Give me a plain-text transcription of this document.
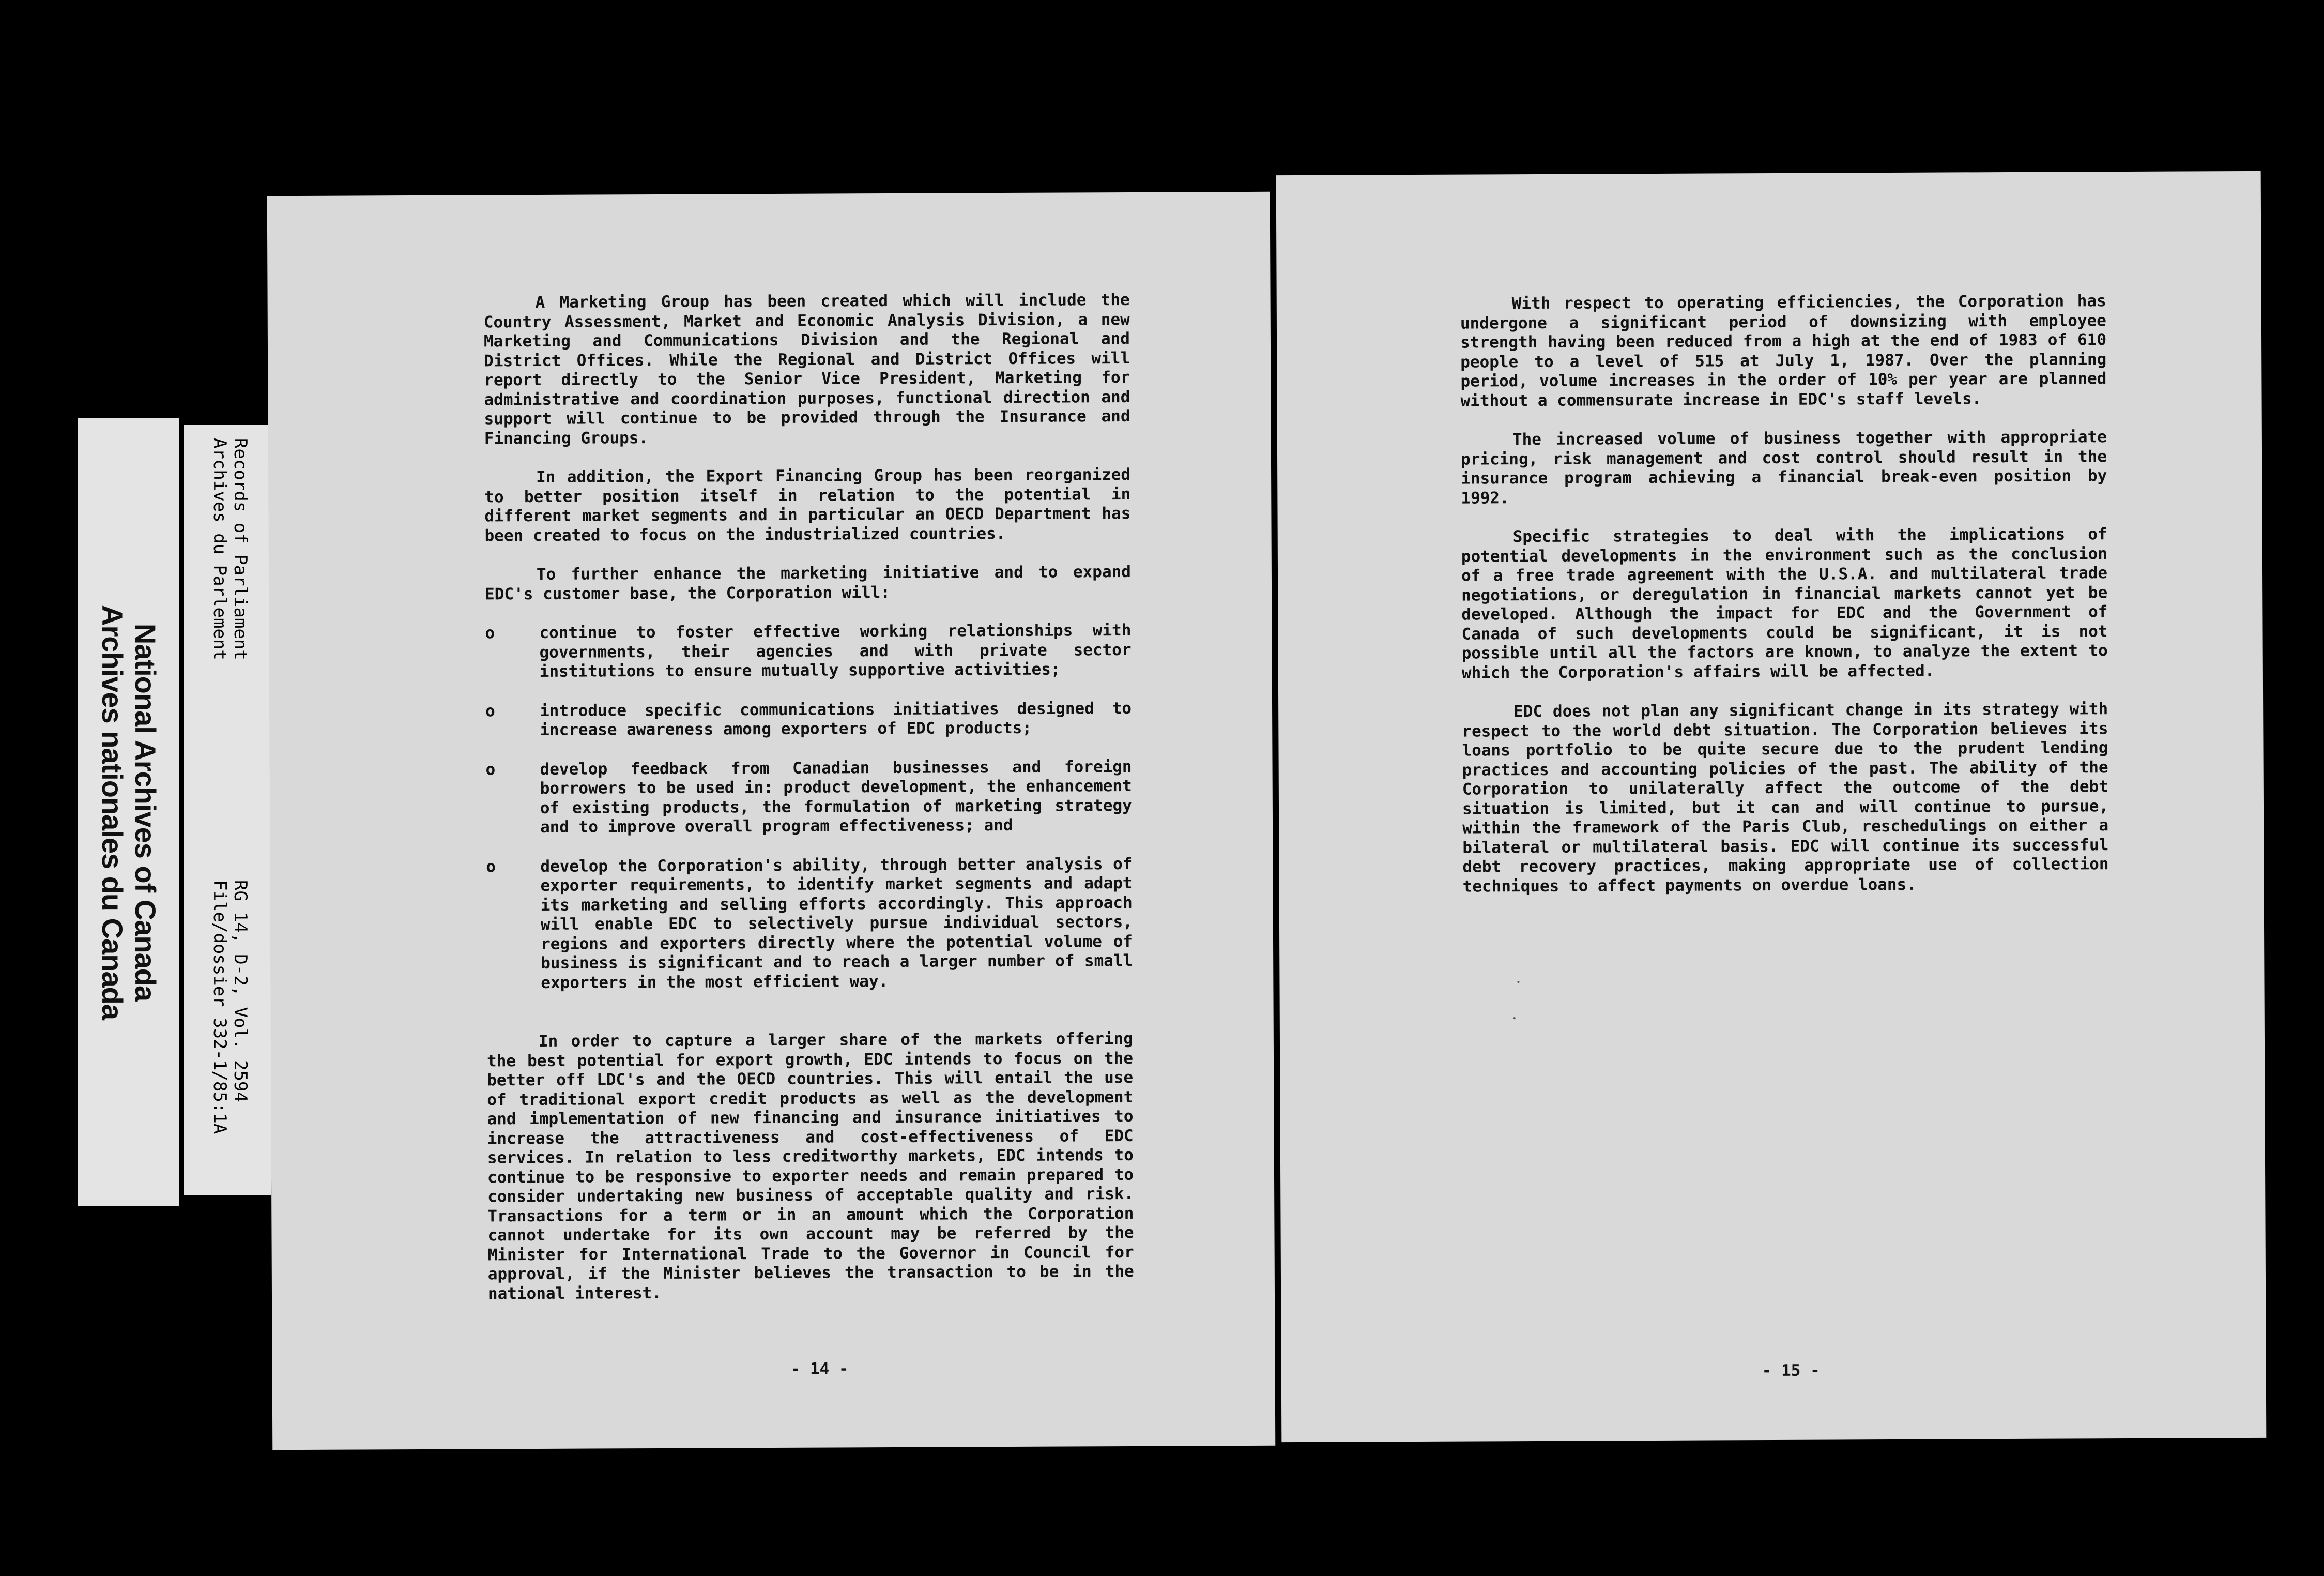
National Archives of Canada
Archives nationales du Canada
Records of Parliament
Archives du Parlement
RG 14, D-2, Vol. 2594
File/dossier 332-1/85:1A

A Marketing Group has been created which will include the Country Assessment, Market and Economic Analysis Division, a new Marketing and Communications Division and the Regional and District Offices. While the Regional and District Offices will report directly to the Senior Vice President, Marketing for administrative and coordination purposes, functional direction and support will continue to be provided through the Insurance and Financing Groups.

In addition, the Export Financing Group has been reorganized to better position itself in relation to the potential in different market segments and in particular an OECD Department has been created to focus on the industrialized countries.

To further enhance the marketing initiative and to expand EDC's customer base, the Corporation will:

o	continue to foster effective working relationships with governments, their agencies and with private sector institutions to ensure mutually supportive activities;
o	introduce specific communications initiatives designed to increase awareness among exporters of EDC products;
o	develop feedback from Canadian businesses and foreign borrowers to be used in: product development, the enhancement of existing products, the formulation of marketing strategy and to improve overall program effectiveness; and
o	develop the Corporation's ability, through better analysis of exporter requirements, to identify market segments and adapt its marketing and selling efforts accordingly. This approach will enable EDC to selectively pursue individual sectors, regions and exporters directly where the potential volume of business is significant and to reach a larger number of small exporters in the most efficient way.

In order to capture a larger share of the markets offering the best potential for export growth, EDC intends to focus on the better off LDC's and the OECD countries. This will entail the use of traditional export credit products as well as the development and implementation of new financing and insurance initiatives to increase the attractiveness and cost-effectiveness of EDC services. In relation to less creditworthy markets, EDC intends to continue to be responsive to exporter needs and remain prepared to consider undertaking new business of acceptable quality and risk. Transactions for a term or in an amount which the Corporation cannot undertake for its own account may be referred by the Minister for International Trade to the Governor in Council for approval, if the Minister believes the transaction to be in the national interest.

- 14 -

With respect to operating efficiencies, the Corporation has undergone a significant period of downsizing with employee strength having been reduced from a high at the end of 1983 of 610 people to a level of 515 at July 1, 1987. Over the planning period, volume increases in the order of 10% per year are planned without a commensurate increase in EDC's staff levels.

The increased volume of business together with appropriate pricing, risk management and cost control should result in the insurance program achieving a financial break-even position by 1992.

Specific strategies to deal with the implications of potential developments in the environment such as the conclusion of a free trade agreement with the U.S.A. and multilateral trade negotiations, or deregulation in financial markets cannot yet be developed. Although the impact for EDC and the Government of Canada of such developments could be significant, it is not possible until all the factors are known, to analyze the extent to which the Corporation's affairs will be affected.

EDC does not plan any significant change in its strategy with respect to the world debt situation. The Corporation believes its loans portfolio to be quite secure due to the prudent lending practices and accounting policies of the past. The ability of the Corporation to unilaterally affect the outcome of the debt situation is limited, but it can and will continue to pursue, within the framework of the Paris Club, reschedulings on either a bilateral or multilateral basis. EDC will continue its successful debt recovery practices, making appropriate use of collection techniques to affect payments on overdue loans.

- 15 -
